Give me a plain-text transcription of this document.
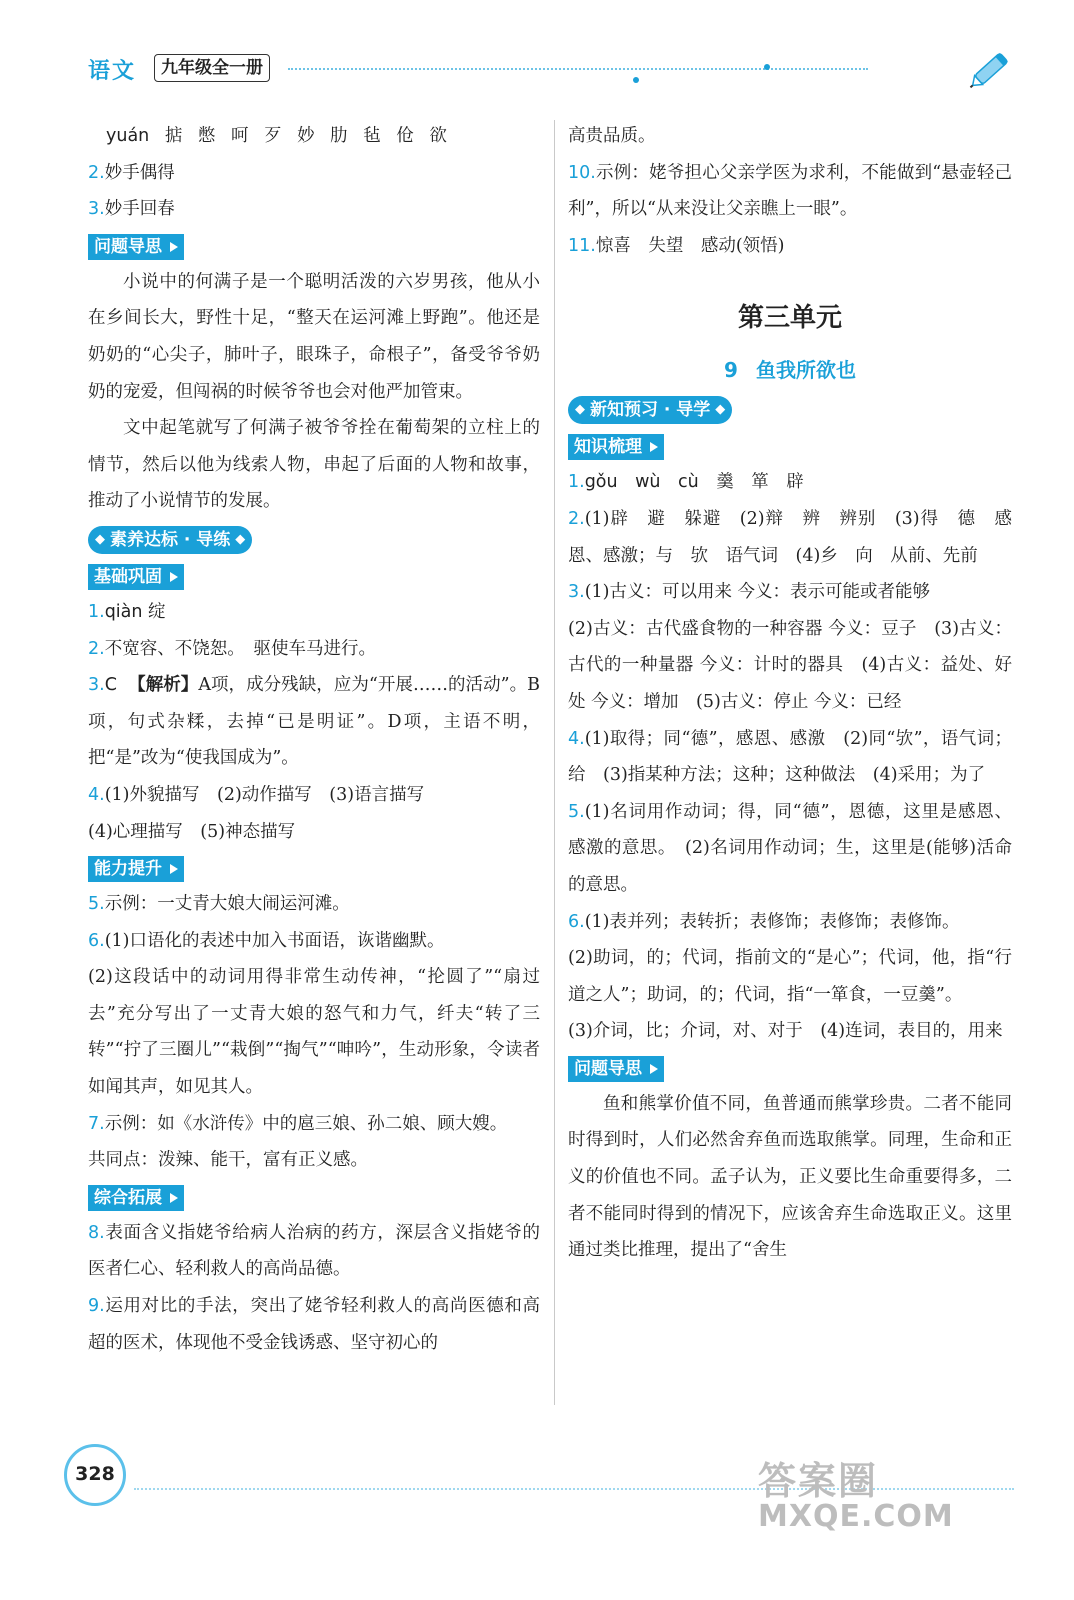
语文	九年级全一册
yuán 掂 憋 呵 歹 妙 肋 毡 伧 欲
2.妙手偶得
3.妙手回春
问题导思
小说中的何满子是一个聪明活泼的六岁男孩，他从小在乡间长大，野性十足，“整天在运河滩上野跑”。他还是奶奶的“心尖子，肺叶子，眼珠子，命根子”，备受爷爷奶奶的宠爱，但闯祸的时候爷爷也会对他严加管束。
文中起笔就写了何满子被爷爷拴在葡萄架的立柱上的情节，然后以他为线索人物，串起了后面的人物和故事，推动了小说情节的发展。
◆ 素养达标 · 导练 ◆
基础巩固
1.qiàn 绽
2.不宽容、不饶恕。　驱使车马进行。
3.C 【解析】A项，成分残缺，应为“开展……的活动”。B项，句式杂糅，去掉“已是明证”。D项，主语不明，把“是”改为“使我国成为”。
4.(1)外貌描写　(2)动作描写　(3)语言描写
(4)心理描写　(5)神态描写
能力提升
5.示例：一丈青大娘大闹运河滩。
6.(1)口语化的表述中加入书面语，诙谐幽默。
(2)这段话中的动词用得非常生动传神，“抡圆了”“扇过去”充分写出了一丈青大娘的怒气和力气，纤夫“转了三转”“拧了三圈儿”“栽倒”“掏气”“呻吟”，生动形象，令读者如闻其声，如见其人。
7.示例：如《水浒传》中的扈三娘、孙二娘、顾大嫂。
共同点：泼辣、能干，富有正义感。
综合拓展
8.表面含义指姥爷给病人治病的药方，深层含义指姥爷的医者仁心、轻利救人的高尚品德。
9.运用对比的手法，突出了姥爷轻利救人的高尚医德和高超的医术，体现他不受金钱诱惑、坚守初心的
高贵品质。
10.示例：姥爷担心父亲学医为求利，不能做到“悬壶轻己利”，所以“从来没让父亲瞧上一眼”。
11.惊喜　失望　感动(领悟)
第三单元
9 鱼我所欲也
◆ 新知预习 · 导学 ◆
知识梳理
1.gǒu　wù　cù　羹　箪　辟
2.(1)辟　避　躲避　(2)辩　辨　辨别　(3)得　德　感恩、感激；与　欤　语气词　(4)乡　向　从前、先前
3.(1)古义：可以用来 今义：表示可能或者能够
(2)古义：古代盛食物的一种容器 今义：豆子　(3)古义：古代的一种量器 今义：计时的器具　(4)古义：益处、好处 今义：增加　(5)古义：停止 今义：已经
4.(1)取得；同“德”，感恩、感激　(2)同“欤”，语气词；给　(3)指某种方法；这种；这种做法　(4)采用；为了
5.(1)名词用作动词；得，同“德”，恩德，这里是感恩、感激的意思。　(2)名词用作动词；生，这里是(能够)活命的意思。
6.(1)表并列；表转折；表修饰；表修饰；表修饰。
(2)助词，的；代词，指前文的“是心”；代词，他，指“行道之人”；助词，的；代词，指“一箪食，一豆羹”。
(3)介词，比；介词，对、对于　(4)连词，表目的，用来
问题导思
鱼和熊掌价值不同，鱼普通而熊掌珍贵。二者不能同时得到时，人们必然舍弃鱼而选取熊掌。同理，生命和正义的价值也不同。孟子认为，正义要比生命重要得多，二者不能同时得到的情况下，应该舍弃生命选取正义。这里通过类比推理，提出了“舍生
328	答案圈
MXQE.COM
